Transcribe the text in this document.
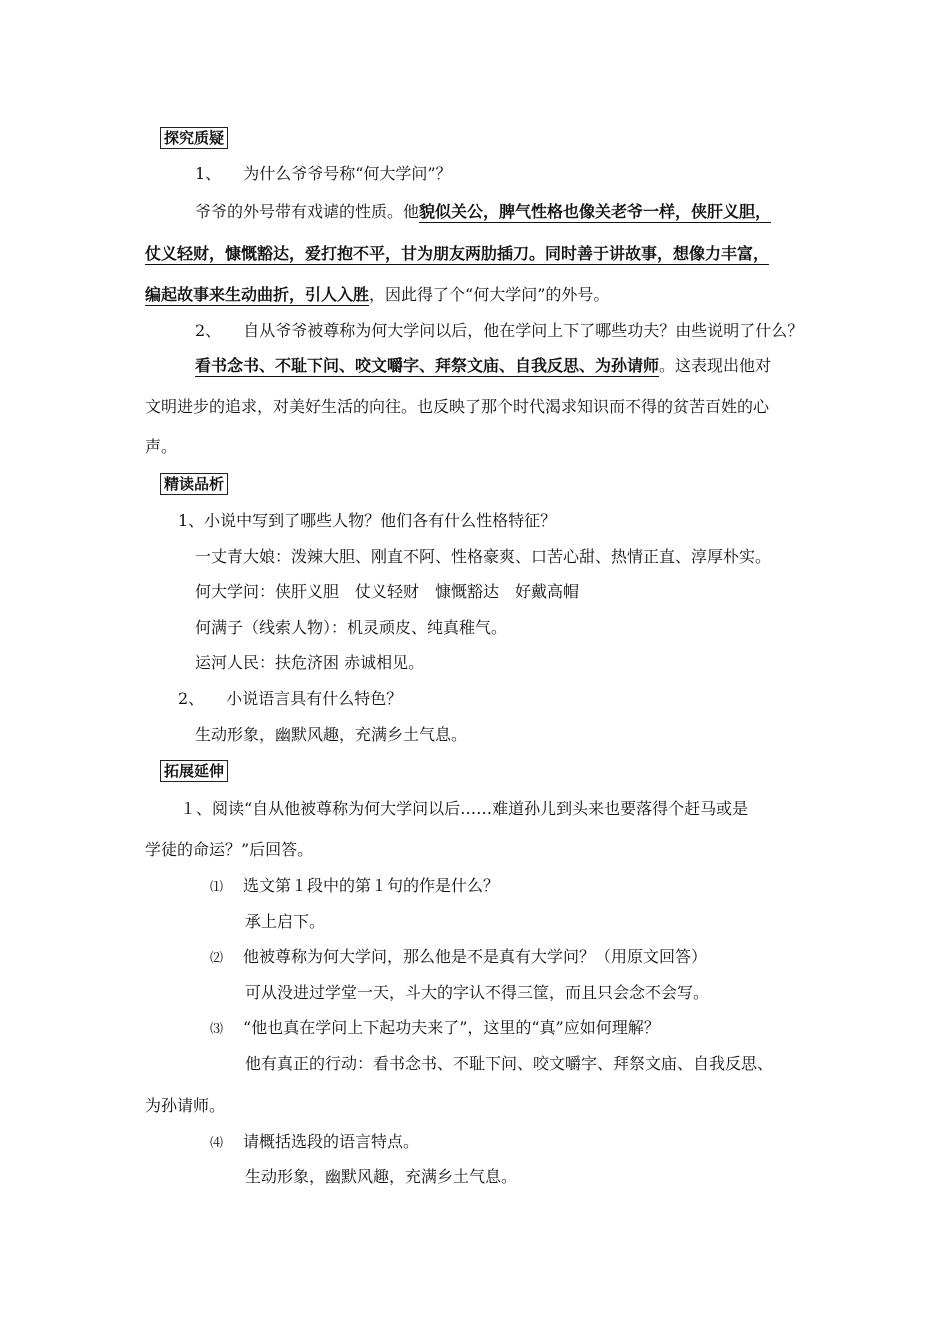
探究质疑
1、 为什么爷爷号称“何大学问”？
爷爷的外号带有戏谑的性质。他貌似关公，脾气性格也像关老爷一样，侠肝义胆，
仗义轻财，慷慨豁达，爱打抱不平，甘为朋友两肋插刀。同时善于讲故事，想像力丰富，
编起故事来生动曲折，引人入胜，因此得了个“何大学问”的外号。
2、 自从爷爷被尊称为何大学问以后，他在学问上下了哪些功夫？由些说明了什么？
看书念书、不耻下问、咬文嚼字、拜祭文庙、自我反思、为孙请师。这表现出他对
文明进步的追求，对美好生活的向往。也反映了那个时代渴求知识而不得的贫苦百姓的心
声。
精读品析
1、小说中写到了哪些人物？他们各有什么性格特征？
一丈青大娘：泼辣大胆、刚直不阿、性格豪爽、口苦心甜、热情正直、淳厚朴实。
何大学问：侠肝义胆　仗义轻财　慷慨豁达　好戴高帽
何满子（线索人物）：机灵顽皮、纯真稚气。
运河人民：扶危济困 赤诚相见。
2、 小说语言具有什么特色？
生动形象，幽默风趣，充满乡土气息。
拓展延伸
１、阅读“自从他被尊称为何大学问以后……难道孙儿到头来也要落得个赶马或是
学徒的命运？”后回答。
⑴ 选文第１段中的第１句的作是什么？
承上启下。
⑵ 他被尊称为何大学问，那么他是不是真有大学问？（用原文回答）
可从没进过学堂一天，斗大的字认不得三筐，而且只会念不会写。
⑶ “他也真在学问上下起功夫来了”，这里的“真”应如何理解？
他有真正的行动：看书念书、不耻下问、咬文嚼字、拜祭文庙、自我反思、
为孙请师。
⑷ 请概括选段的语言特点。
生动形象，幽默风趣，充满乡土气息。
